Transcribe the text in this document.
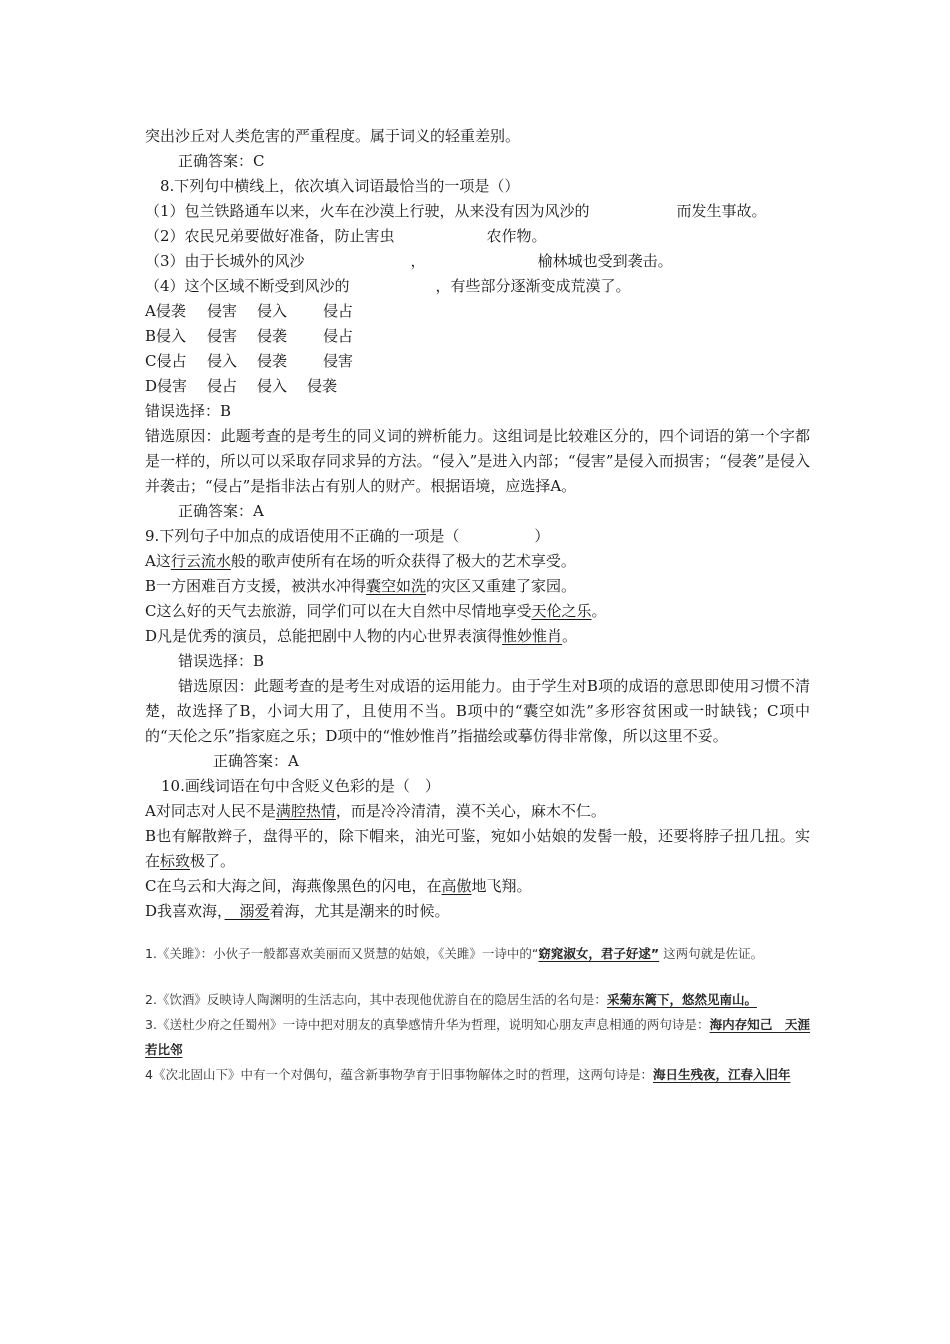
突出沙丘对人类危害的严重程度。属于词义的轻重差别。
正确答案：C
8.下列句中横线上，依次填入词语最恰当的一项是（）
（1）包兰铁路通车以来，火车在沙漠上行驶，从来没有因为风沙的	而发生事故。
（2）农民兄弟要做好准备，防止害虫	农作物。
（3）由于长城外的风沙	，	榆林城也受到袭击。
（4）这个区域不断受到风沙的	，有些部分逐渐变成荒漠了。
A侵袭 侵害 侵入 侵占
B侵入 侵害 侵袭 侵占
C侵占 侵入 侵袭 侵害
D侵害 侵占 侵入 侵袭
错误选择：B
错选原因：此题考查的是考生的同义词的辨析能力。这组词是比较难区分的，四个词语的第一个字都是一样的，所以可以采取存同求异的方法。“侵入”是进入内部；“侵害”是侵入而损害；“侵袭”是侵入并袭击；“侵占”是指非法占有别人的财产。根据语境，应选择A。
正确答案：A
9.下列句子中加点的成语使用不正确的一项是（	）
A这行云流水般的歌声使所有在场的听众获得了极大的艺术享受。
B一方困难百方支援，被洪水冲得囊空如洗的灾区又重建了家园。
C这么好的天气去旅游，同学们可以在大自然中尽情地享受天伦之乐。
D凡是优秀的演员，总能把剧中人物的内心世界表演得惟妙惟肖。
错误选择：B
错选原因：此题考查的是考生对成语的运用能力。由于学生对B项的成语的意思即使用习惯不清楚，故选择了B，小词大用了，且使用不当。B项中的“囊空如洗”多形容贫困或一时缺钱；C项中的“天伦之乐”指家庭之乐；D项中的“惟妙惟肖”指描绘或摹仿得非常像，所以这里不妥。
正确答案：A
10.画线词语在句中含贬义色彩的是（　）
A对同志对人民不是满腔热情，而是冷冷清清，漠不关心，麻木不仁。
B也有解散辫子，盘得平的，除下帽来，油光可鉴，宛如小姑娘的发髻一般，还要将脖子扭几扭。实在标致极了。
C在乌云和大海之间，海燕像黑色的闪电，在高傲地飞翔。
D我喜欢海，　溺爱着海，尤其是潮来的时候。
1.《关雎》：小伙子一般都喜欢美丽而又贤慧的姑娘，《关雎》一诗中的“窈窕淑女，君子好逑” 这两句就是佐证。
2.《饮酒》反映诗人陶渊明的生活志向，其中表现他优游自在的隐居生活的名句是：采菊东篱下，悠然见南山。
3.《送杜少府之任蜀州》一诗中把对朋友的真挚感情升华为哲理，说明知心朋友声息相通的两句诗是：海内存知己　天涯若比邻
4《次北固山下》中有一个对偶句，蕴含新事物孕育于旧事物解体之时的哲理，这两句诗是：海日生残夜，江春入旧年
